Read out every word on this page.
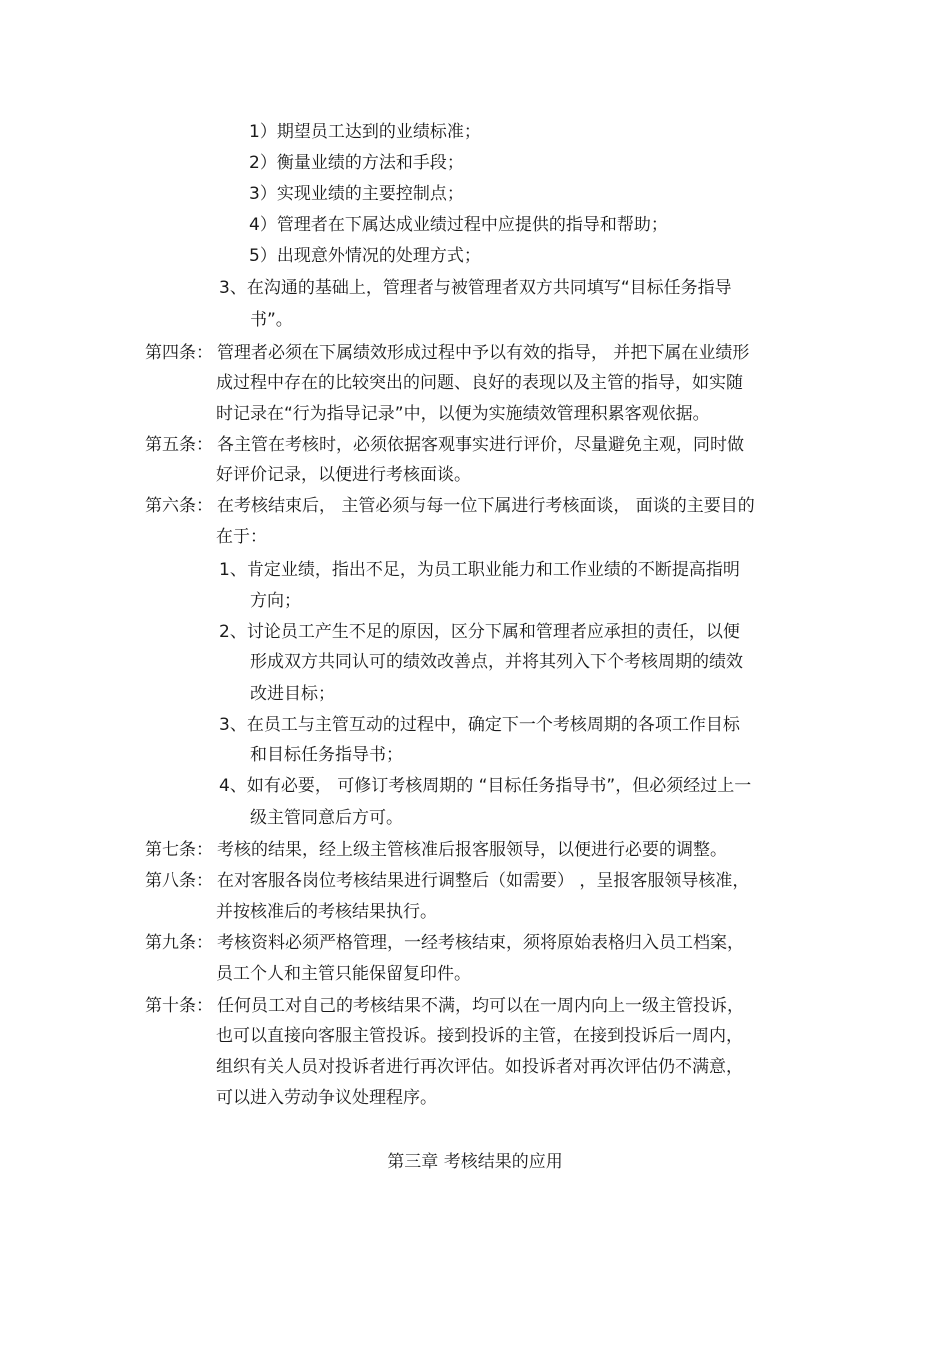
1）期望员工达到的业绩标准；
2）衡量业绩的方法和手段；
3）实现业绩的主要控制点；
4）管理者在下属达成业绩过程中应提供的指导和帮助；
5）出现意外情况的处理方式；
3、在沟通的基础上，管理者与被管理者双方共同填写“目标任务指导
书”。
第四条： 管理者必须在下属绩效形成过程中予以有效的指导， 并把下属在业绩形
成过程中存在的比较突出的问题、良好的表现以及主管的指导，如实随
时记录在“行为指导记录”中，以便为实施绩效管理积累客观依据。
第五条： 各主管在考核时，必须依据客观事实进行评价，尽量避免主观，同时做
好评价记录，以便进行考核面谈。
第六条： 在考核结束后， 主管必须与每一位下属进行考核面谈， 面谈的主要目的
在于：
1、肯定业绩，指出不足，为员工职业能力和工作业绩的不断提高指明
方向；
2、讨论员工产生不足的原因，区分下属和管理者应承担的责任，以便
形成双方共同认可的绩效改善点，并将其列入下个考核周期的绩效
改进目标；
3、在员工与主管互动的过程中，确定下一个考核周期的各项工作目标
和目标任务指导书；
4、如有必要， 可修订考核周期的 “目标任务指导书”，但必须经过上一
级主管同意后方可。
第七条： 考核的结果，经上级主管核准后报客服领导，以便进行必要的调整。
第八条： 在对客服各岗位考核结果进行调整后（如需要） ，呈报客服领导核准，
并按核准后的考核结果执行。
第九条： 考核资料必须严格管理，一经考核结束，须将原始表格归入员工档案，
员工个人和主管只能保留复印件。
第十条： 任何员工对自己的考核结果不满，均可以在一周内向上一级主管投诉，
也可以直接向客服主管投诉。接到投诉的主管，在接到投诉后一周内，
组织有关人员对投诉者进行再次评估。如投诉者对再次评估仍不满意，
可以进入劳动争议处理程序。
第三章 考核结果的应用
